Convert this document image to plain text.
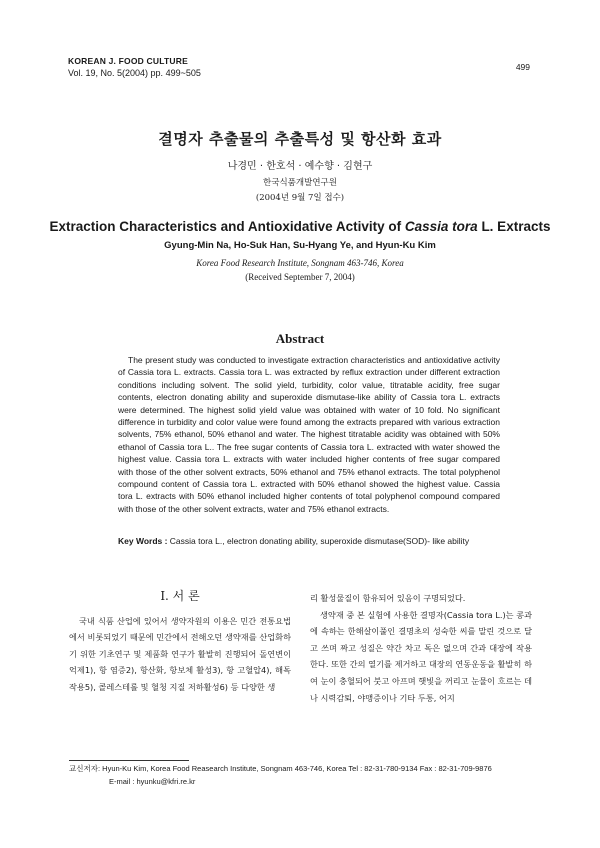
KOREAN J. FOOD CULTURE
Vol. 19, No. 5(2004) pp. 499~505
499
결명자 추출물의 추출특성 및 항산화 효과
나경민 · 한호석 · 예수향 · 김현구
한국식품개발연구원
(2004년 9월 7일 접수)
Extraction Characteristics and Antioxidative Activity of Cassia tora L. Extracts
Gyung-Min Na, Ho-Suk Han, Su-Hyang Ye, and Hyun-Ku Kim
Korea Food Research Institute, Songnam 463-746, Korea
(Received September 7, 2004)
Abstract
The present study was conducted to investigate extraction characteristics and antioxidative activity of Cassia tora L. extracts. Cassia tora L. was extracted by reflux extraction under different extraction conditions including solvent. The solid yield, turbidity, color value, titratable acidity, free sugar contents, electron donating ability and superoxide dismutase-like ability of Cassia tora L. extracts were determined. The highest solid yield value was obtained with water of 10 fold. No significant difference in turbidity and color value were found among the extracts prepared with various extraction solvents, 75% ethanol, 50% ethanol and water. The highest titratable acidity was obtained with 50% ethanol of Cassia tora L.. The free sugar contents of Cassia tora L. extracted with water showed the highest value. Cassia tora L. extracts with water included higher contents of free sugar compared with those of the other solvent extracts, 50% ethanol and 75% ethanol extracts. The total polyphenol compound content of Cassia tora L. extracted with 50% ethanol showed the highest value. Cassia tora L. extracts with 50% ethanol included higher contents of total polyphenol compound compared with those of the other solvent extracts, water and 75% ethanol extracts.
Key Words : Cassia tora L., electron donating ability, superoxide dismutase(SOD)- like ability
I. 서 론

국내 식품 산업에 있어서 생약자원의 이용은 민간 전통요법에서 비롯되었기 때문에 민간에서 전해오던 생약재를 산업화하기 위한 기초연구 및 제품화 연구가 활발히 진행되어 돌연변이 억제1), 항 염증2), 항산화, 항보체 활성3), 항 고혈압4), 해독작용5), 콜레스테롤 및 혈청 지질 저하활성6) 등 다양한 생

리 활성물질이 함유되어 있음이 구명되었다.

생약재 중 본 실험에 사용한 결명자(Cassia tora L.)는 콩과에 속하는 한해살이풀인 결명초의 성숙한 씨를 말린 것으로 달고 쓰며 짜고 성질은 약간 차고 독은 없으며 간과 대장에 작용한다. 또한 간의 열기를 제거하고 대장의 연동운동을 활발히 하여 눈이 충혈되어 붓고 아프며 햇빛을 꺼리고 눈물이 흐르는 데나 시력감퇴, 야맹증이나 기타 두통, 어지

교신저자: Hyun-Ku Kim, Korea Food Reasearch Institute, Songnam 463-746, Korea Tel : 82-31-780-9134 Fax : 82-31-709-9876
E-mail : hyunku@kfri.re.kr
